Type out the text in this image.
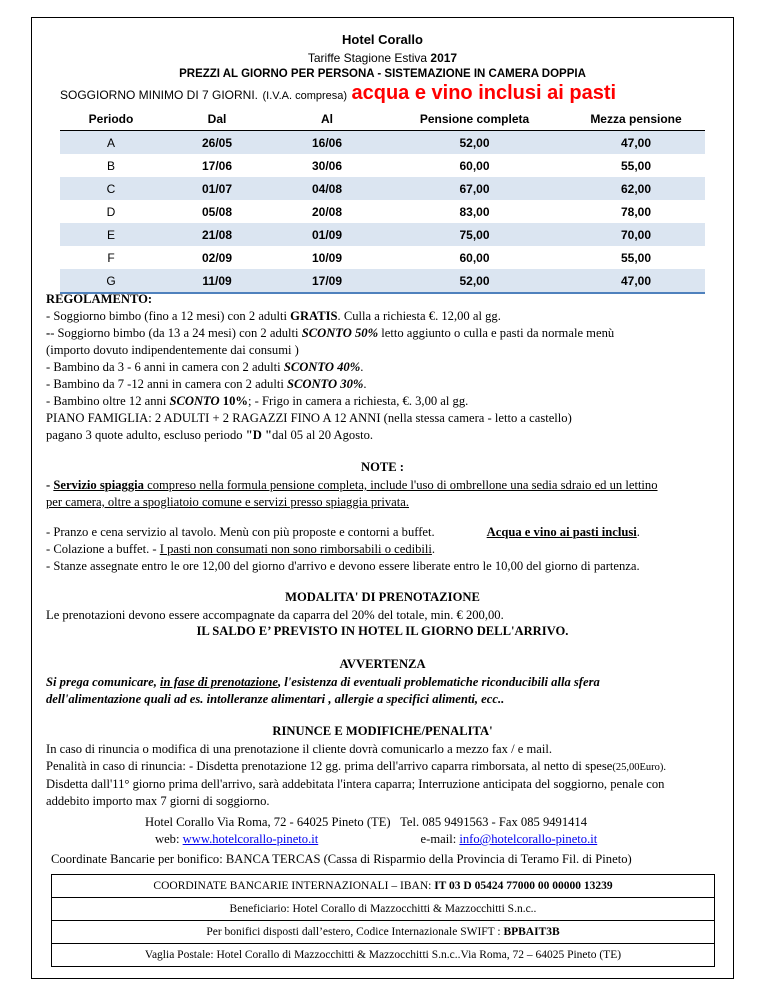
Hotel Corallo
Tariffe Stagione Estiva 2017
PREZZI AL GIORNO PER PERSONA - SISTEMAZIONE IN CAMERA DOPPIA
SOGGIORNO MINIMO DI 7 GIORNI. (I.V.A. compresa) acqua e vino inclusi ai pasti
Periodo	Dal	Al	Pensione completa	Mezza pensione
A	26/05	16/06	52,00	47,00
B	17/06	30/06	60,00	55,00
C	01/07	04/08	67,00	62,00
D	05/08	20/08	83,00	78,00
E	21/08	01/09	75,00	70,00
F	02/09	10/09	60,00	55,00
G	11/09	17/09	52,00	47,00
REGOLAMENTO:
- Soggiorno bimbo (fino a 12 mesi) con 2 adulti GRATIS. Culla a richiesta €. 12,00 al gg.
-- Soggiorno bimbo (da 13 a 24 mesi) con 2 adulti SCONTO 50% letto aggiunto o culla e pasti da normale menù
(importo dovuto indipendentemente dai consumi )
- Bambino da 3 - 6 anni in camera con 2 adulti SCONTO 40%.
- Bambino da 7 -12 anni in camera con 2 adulti SCONTO 30%.
- Bambino oltre 12 anni SCONTO 10%; - Frigo in camera a richiesta, €. 3,00 al gg.
PIANO FAMIGLIA: 2 ADULTI + 2 RAGAZZI FINO A 12 ANNI (nella stessa camera - letto a castello)
pagano 3 quote adulto, escluso periodo "D "dal 05 al 20 Agosto.
NOTE :
- Servizio spiaggia compreso nella formula pensione completa, include l'uso di ombrellone una sedia sdraio ed un lettino
per camera, oltre a spogliatoio comune e servizi presso spiaggia privata.
- Pranzo e cena servizio al tavolo. Menù con più proposte e contorni a buffet.	Acqua e vino ai pasti inclusi.
- Colazione a buffet. - I pasti non consumati non sono rimborsabili o cedibili.
- Stanze assegnate entro le ore 12,00 del giorno d'arrivo e devono essere liberate entro le 10,00 del giorno di partenza.
MODALITA' DI PRENOTAZIONE
Le prenotazioni devono essere accompagnate da caparra del 20% del totale, min. € 200,00.
IL SALDO E’ PREVISTO IN HOTEL IL GIORNO DELL'ARRIVO.
AVVERTENZA
Si prega comunicare, in fase di prenotazione, l'esistenza di eventuali problematiche riconducibili alla sfera
dell'alimentazione quali ad es. intolleranze alimentari , allergie a specifici alimenti, ecc..
RINUNCE E MODIFICHE/PENALITA'
In caso di rinuncia o modifica di una prenotazione il cliente dovrà comunicarlo a mezzo fax / e mail.
Penalità in caso di rinuncia: - Disdetta prenotazione 12 gg. prima dell'arrivo caparra rimborsata, al netto di spese(25,00Euro).
Disdetta dall'11° giorno prima dell'arrivo, sarà addebitata l'intera caparra; Interruzione anticipata del soggiorno, penale con
addebito importo max 7 giorni di soggiorno.
Hotel Corallo Via Roma, 72 - 64025 Pineto (TE) Tel. 085 9491563 - Fax 085 9491414
web: www.hotelcorallo-pineto.it	e-mail: info@hotelcorallo-pineto.it
Coordinate Bancarie per bonifico: BANCA TERCAS (Cassa di Risparmio della Provincia di Teramo Fil. di Pineto)
COORDINATE BANCARIE INTERNAZIONALI – IBAN: IT 03 D 05424 77000 00 00000 13239
Beneficiario: Hotel Corallo di Mazzocchitti & Mazzocchitti S.n.c..
Per bonifici disposti dall’estero, Codice Internazionale SWIFT : BPBAIT3B
Vaglia Postale: Hotel Corallo di Mazzocchitti & Mazzocchitti S.n.c..Via Roma, 72 – 64025 Pineto (TE)
